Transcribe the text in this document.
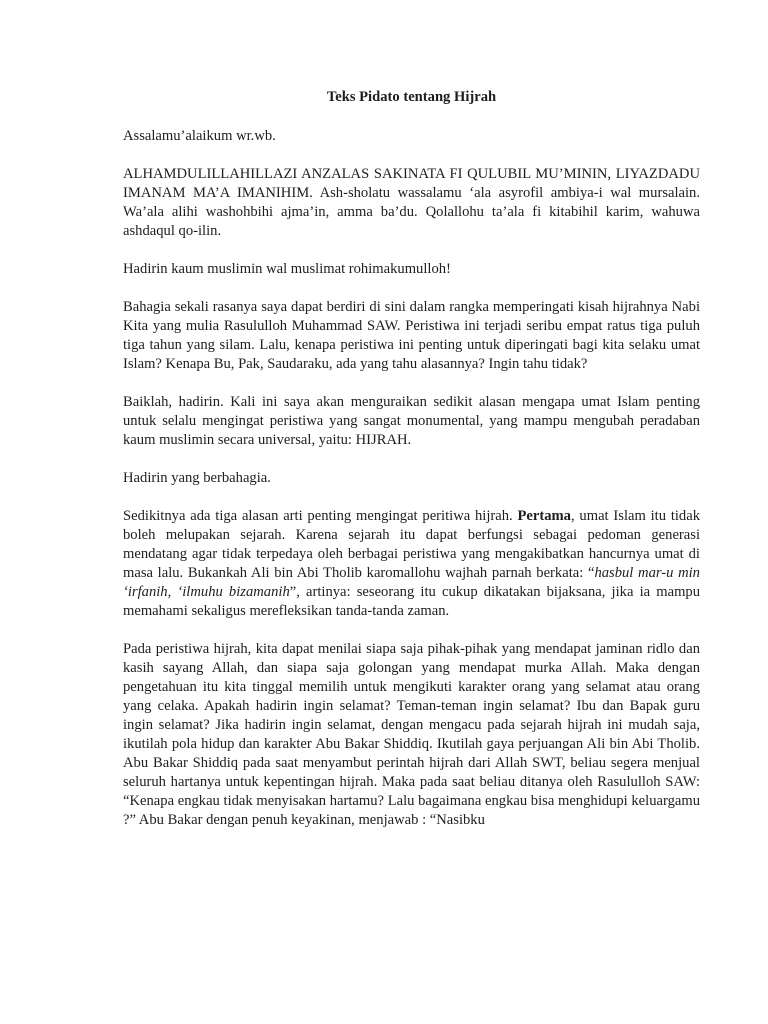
Teks Pidato tentang Hijrah

Assalamu’alaikum wr.wb.

ALHAMDULILLAHILLAZI ANZALAS SAKINATA FI QULUBIL MU’MININ, LIYAZDADU IMANAM MA’A IMANIHIM. Ash-sholatu wassalamu ‘ala asyrofil ambiya-i wal mursalain. Wa’ala alihi washohbihi ajma’in, amma ba’du. Qolallohu ta’ala fi kitabihil karim, wahuwa ashdaqul qo-ilin.

Hadirin kaum muslimin wal muslimat rohimakumulloh!

Bahagia sekali rasanya saya dapat berdiri di sini dalam rangka memperingati kisah hijrahnya Nabi Kita yang mulia Rasululloh Muhammad SAW. Peristiwa ini terjadi seribu empat ratus tiga puluh tiga tahun yang silam. Lalu, kenapa peristiwa ini penting untuk diperingati bagi kita selaku umat Islam? Kenapa Bu, Pak, Saudaraku, ada yang tahu alasannya? Ingin tahu tidak?

Baiklah, hadirin. Kali ini saya akan menguraikan sedikit alasan mengapa umat Islam penting untuk selalu mengingat peristiwa yang sangat monumental, yang mampu mengubah peradaban kaum muslimin secara universal, yaitu: HIJRAH.

Hadirin yang berbahagia.

Sedikitnya ada tiga alasan arti penting mengingat peritiwa hijrah. Pertama, umat Islam itu tidak boleh melupakan sejarah. Karena sejarah itu dapat berfungsi sebagai pedoman generasi mendatang agar tidak terpedaya oleh berbagai peristiwa yang mengakibatkan hancurnya umat di masa lalu. Bukankah Ali bin Abi Tholib karomallohu wajhah parnah berkata: “hasbul mar-u min ‘irfanih, ‘ilmuhu bizamanih”, artinya: seseorang itu cukup dikatakan bijaksana, jika ia mampu memahami sekaligus merefleksikan tanda-tanda zaman.

Pada peristiwa hijrah, kita dapat menilai siapa saja pihak-pihak yang mendapat jaminan ridlo dan kasih sayang Allah, dan siapa saja golongan yang mendapat murka Allah. Maka dengan pengetahuan itu kita tinggal memilih untuk mengikuti karakter orang yang selamat atau orang yang celaka. Apakah hadirin ingin selamat? Teman-teman ingin selamat? Ibu dan Bapak guru ingin selamat? Jika hadirin ingin selamat, dengan mengacu pada sejarah hijrah ini mudah saja, ikutilah pola hidup dan karakter Abu Bakar Shiddiq. Ikutilah gaya perjuangan Ali bin Abi Tholib. Abu Bakar Shiddiq pada saat menyambut perintah hijrah dari Allah SWT, beliau segera menjual seluruh hartanya untuk kepentingan hijrah. Maka pada saat beliau ditanya oleh Rasululloh SAW: “Kenapa engkau tidak menyisakan hartamu? Lalu bagaimana engkau bisa menghidupi keluargamu ?” Abu Bakar dengan penuh keyakinan, menjawab : “Nasibku
